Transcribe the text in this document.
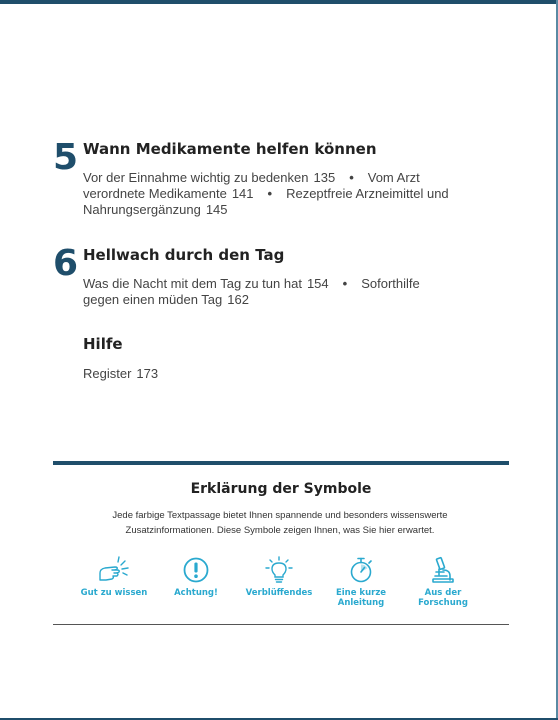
5 Wann Medikamente helfen können
Vor der Einnahme wichtig zu bedenken 135 • Vom Arzt verordnete Medikamente 141 • Rezeptfreie Arzneimittel und Nahrungsergänzung 145
6 Hellwach durch den Tag
Was die Nacht mit dem Tag zu tun hat 154 • Soforthilfe gegen einen müden Tag 162
Hilfe
Register 173
Erklärung der Symbole
Jede farbige Textpassage bietet Ihnen spannende und besonders wissenswerte
Zusatzinformationen. Diese Symbole zeigen Ihnen, was Sie hier erwartet.
Gut zu wissen	Achtung!	Verblüffendes	Eine kurze
Anleitung
Aus der
Forschung
